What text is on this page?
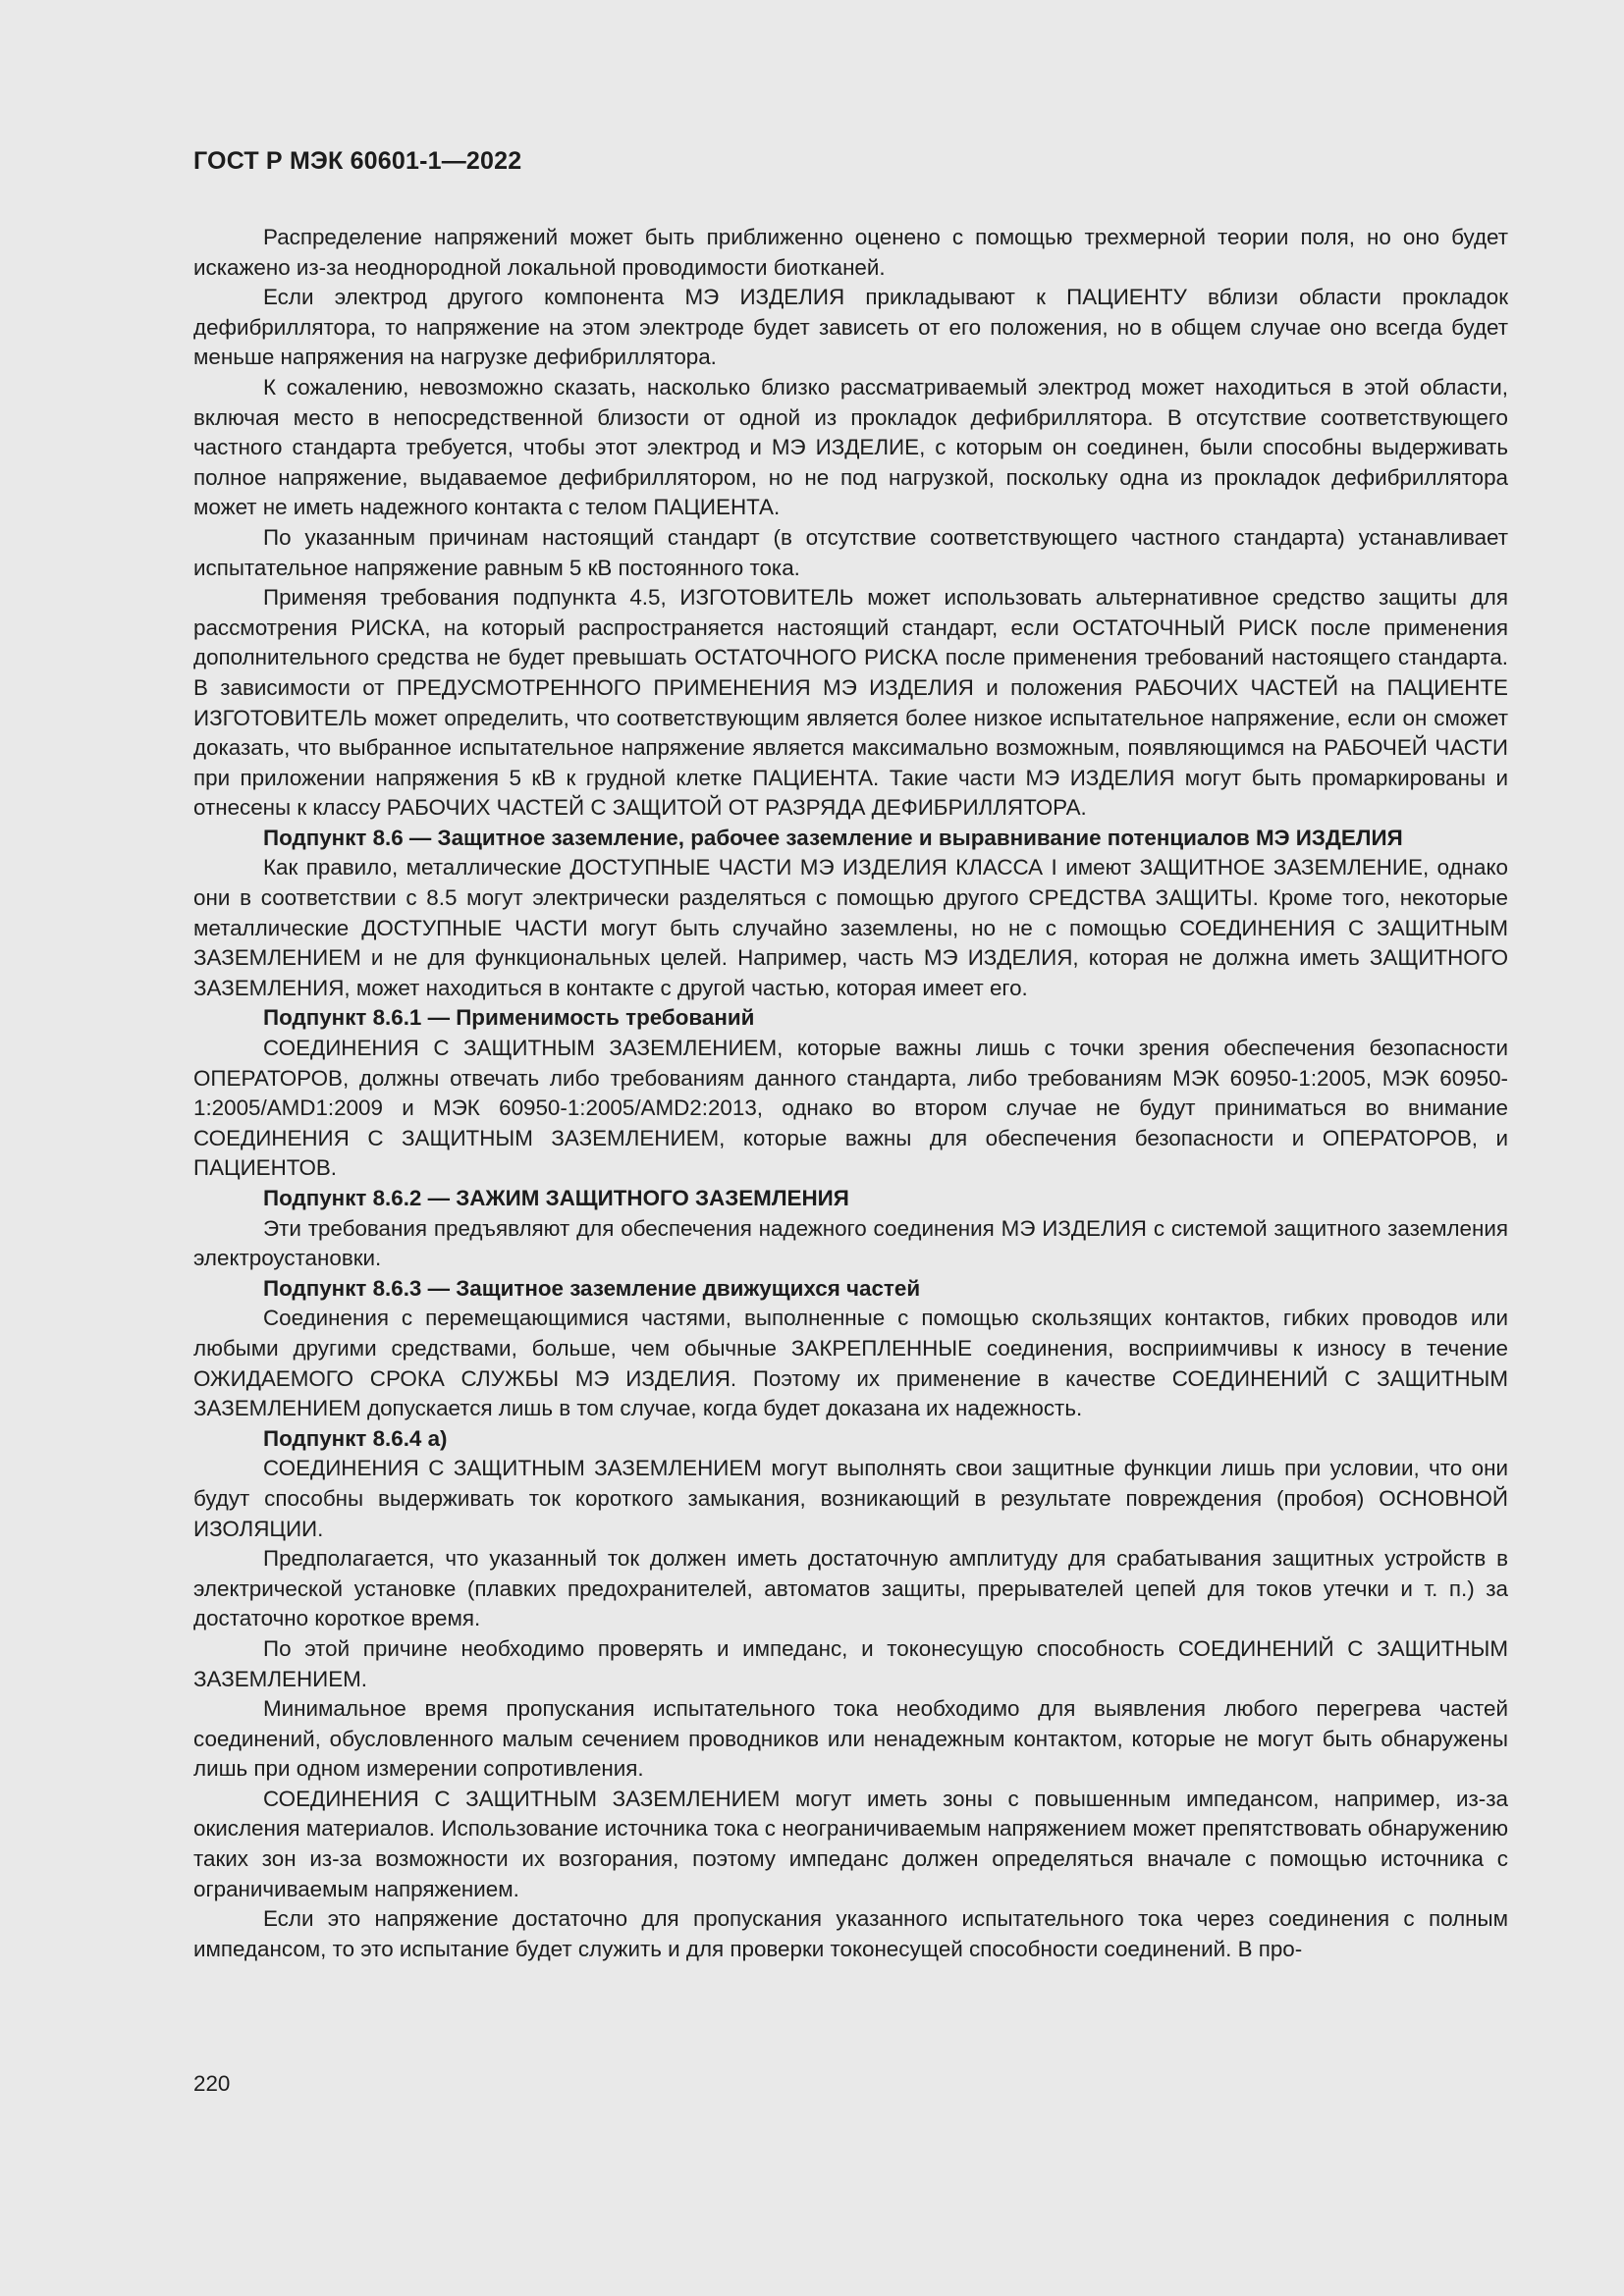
ГОСТ Р МЭК 60601-1—2022

Распределение напряжений может быть приближенно оценено с помощью трехмерной теории поля, но оно будет искажено из-за неоднородной локальной проводимости биотканей.

Если электрод другого компонента МЭ ИЗДЕЛИЯ прикладывают к ПАЦИЕНТУ вблизи области прокладок дефибриллятора, то напряжение на этом электроде будет зависеть от его положения, но в общем случае оно всегда будет меньше напряжения на нагрузке дефибриллятора.

К сожалению, невозможно сказать, насколько близко рассматриваемый электрод может находиться в этой области, включая место в непосредственной близости от одной из прокладок дефибриллятора. В отсутствие соответствующего частного стандарта требуется, чтобы этот электрод и МЭ ИЗДЕЛИЕ, с которым он соединен, были способны выдерживать полное напряжение, выдаваемое дефибриллятором, но не под нагрузкой, поскольку одна из прокладок дефибриллятора может не иметь надежного контакта с телом ПАЦИЕНТА.

По указанным причинам настоящий стандарт (в отсутствие соответствующего частного стандарта) устанавливает испытательное напряжение равным 5 кВ постоянного тока.

Применяя требования подпункта 4.5, ИЗГОТОВИТЕЛЬ может использовать альтернативное средство защиты для рассмотрения РИСКА, на который распространяется настоящий стандарт, если ОСТАТОЧНЫЙ РИСК после применения дополнительного средства не будет превышать ОСТАТОЧНОГО РИСКА после применения требований настоящего стандарта. В зависимости от ПРЕДУСМОТРЕННОГО ПРИМЕНЕНИЯ МЭ ИЗДЕЛИЯ и положения РАБОЧИХ ЧАСТЕЙ на ПАЦИЕНТЕ ИЗГОТОВИТЕЛЬ может определить, что соответствующим является более низкое испытательное напряжение, если он сможет доказать, что выбранное испытательное напряжение является максимально возможным, появляющимся на РАБОЧЕЙ ЧАСТИ при приложении напряжения 5 кВ к грудной клетке ПАЦИЕНТА. Такие части МЭ ИЗДЕЛИЯ могут быть промаркированы и отнесены к классу РАБОЧИХ ЧАСТЕЙ С ЗАЩИТОЙ ОТ РАЗРЯДА ДЕФИБРИЛЛЯТОРА.

Подпункт 8.6 — Защитное заземление, рабочее заземление и выравнивание потенциалов МЭ ИЗДЕЛИЯ

Как правило, металлические ДОСТУПНЫЕ ЧАСТИ МЭ ИЗДЕЛИЯ КЛАССА I имеют ЗАЩИТНОЕ ЗАЗЕМЛЕНИЕ, однако они в соответствии с 8.5 могут электрически разделяться с помощью другого СРЕДСТВА ЗАЩИТЫ. Кроме того, некоторые металлические ДОСТУПНЫЕ ЧАСТИ могут быть случайно заземлены, но не с помощью СОЕДИНЕНИЯ С ЗАЩИТНЫМ ЗАЗЕМЛЕНИЕМ и не для функциональных целей. Например, часть МЭ ИЗДЕЛИЯ, которая не должна иметь ЗАЩИТНОГО ЗАЗЕМЛЕНИЯ, может находиться в контакте с другой частью, которая имеет его.

Подпункт 8.6.1 — Применимость требований

СОЕДИНЕНИЯ С ЗАЩИТНЫМ ЗАЗЕМЛЕНИЕМ, которые важны лишь с точки зрения обеспечения безопасности ОПЕРАТОРОВ, должны отвечать либо требованиям данного стандарта, либо требованиям МЭК 60950-1:2005, МЭК 60950-1:2005/AMD1:2009 и МЭК 60950-1:2005/AMD2:2013, однако во втором случае не будут приниматься во внимание СОЕДИНЕНИЯ С ЗАЩИТНЫМ ЗАЗЕМЛЕНИЕМ, которые важны для обеспечения безопасности и ОПЕРАТОРОВ, и ПАЦИЕНТОВ.

Подпункт 8.6.2 — ЗАЖИМ ЗАЩИТНОГО ЗАЗЕМЛЕНИЯ

Эти требования предъявляют для обеспечения надежного соединения МЭ ИЗДЕЛИЯ с системой защитного заземления электроустановки.

Подпункт 8.6.3 — Защитное заземление движущихся частей

Соединения с перемещающимися частями, выполненные с помощью скользящих контактов, гибких проводов или любыми другими средствами, больше, чем обычные ЗАКРЕПЛЕННЫЕ соединения, восприимчивы к износу в течение ОЖИДАЕМОГО СРОКА СЛУЖБЫ МЭ ИЗДЕЛИЯ. Поэтому их применение в качестве СОЕДИНЕНИЙ С ЗАЩИТНЫМ ЗАЗЕМЛЕНИЕМ допускается лишь в том случае, когда будет доказана их надежность.

Подпункт 8.6.4 а)

СОЕДИНЕНИЯ С ЗАЩИТНЫМ ЗАЗЕМЛЕНИЕМ могут выполнять свои защитные функции лишь при условии, что они будут способны выдерживать ток короткого замыкания, возникающий в результате повреждения (пробоя) ОСНОВНОЙ ИЗОЛЯЦИИ.

Предполагается, что указанный ток должен иметь достаточную амплитуду для срабатывания защитных устройств в электрической установке (плавких предохранителей, автоматов защиты, прерывателей цепей для токов утечки и т. п.) за достаточно короткое время.

По этой причине необходимо проверять и импеданс, и токонесущую способность СОЕДИНЕНИЙ С ЗАЩИТНЫМ ЗАЗЕМЛЕНИЕМ.

Минимальное время пропускания испытательного тока необходимо для выявления любого перегрева частей соединений, обусловленного малым сечением проводников или ненадежным контактом, которые не могут быть обнаружены лишь при одном измерении сопротивления.

СОЕДИНЕНИЯ С ЗАЩИТНЫМ ЗАЗЕМЛЕНИЕМ могут иметь зоны с повышенным импедансом, например, из-за окисления материалов. Использование источника тока с неограничиваемым напряжением может препятствовать обнаружению таких зон из-за возможности их возгорания, поэтому импеданс должен определяться вначале с помощью источника с ограничиваемым напряжением.

Если это напряжение достаточно для пропускания указанного испытательного тока через соединения с полным импедансом, то это испытание будет служить и для проверки токонесущей способности соединений. В про-

220
